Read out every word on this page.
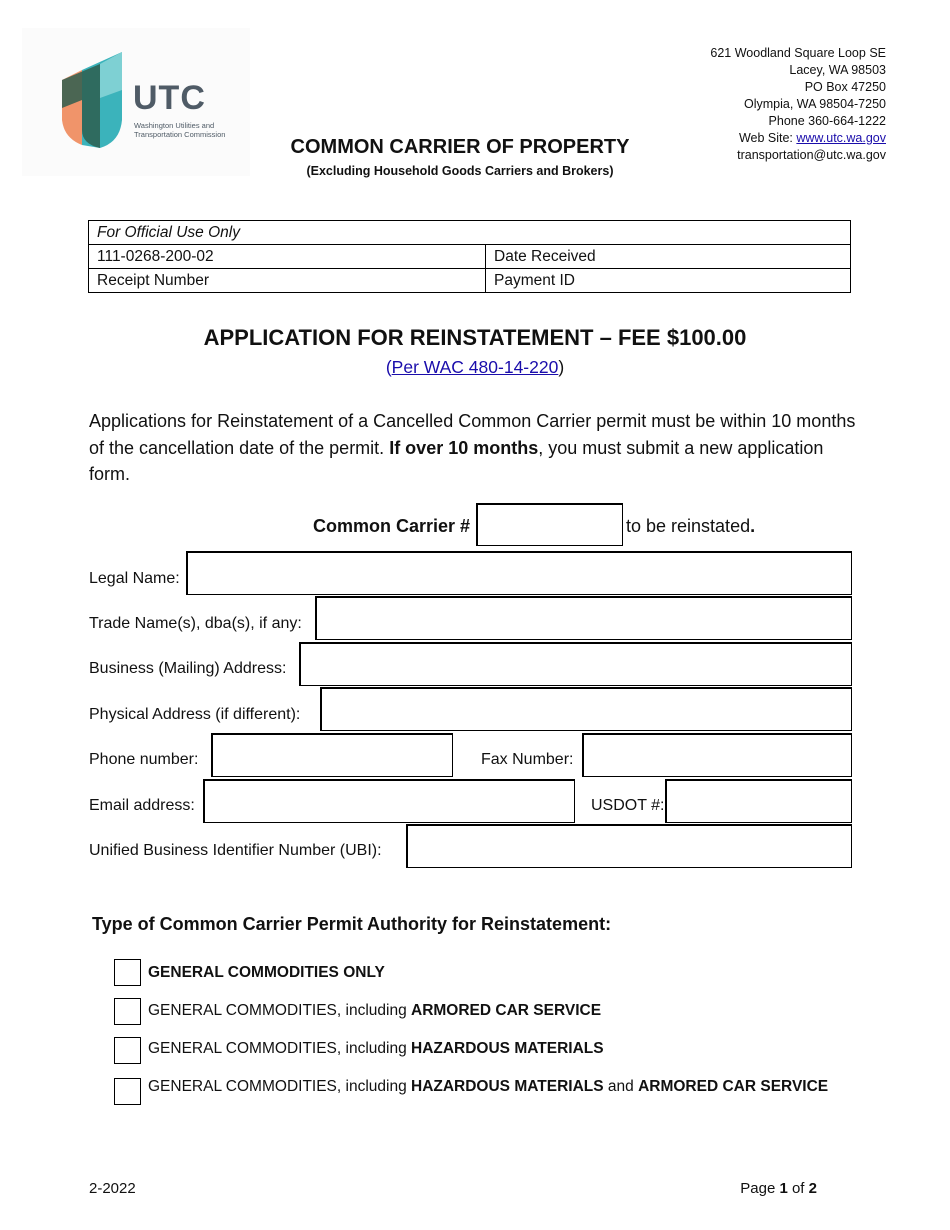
UTC
Washington Utilities and Transportation Commission
621 Woodland Square Loop SE
Lacey, WA 98503
PO Box 47250
Olympia, WA 98504-7250
Phone 360-664-1222
Web Site: www.utc.wa.gov
transportation@utc.wa.gov
COMMON CARRIER OF PROPERTY
(Excluding Household Goods Carriers and Brokers)
For Official Use Only	
111-0268-200-02	Date Received
Receipt Number	Payment ID
APPLICATION FOR REINSTATEMENT – FEE $100.00
(Per WAC 480-14-220)
Applications for Reinstatement of a Cancelled Common Carrier permit must be within 10 months of the cancellation date of the permit. If over 10 months, you must submit a new application form.
Common Carrier #	to be reinstated.
Legal Name:
Trade Name(s), dba(s), if any:
Business (Mailing) Address:
Physical Address (if different):
Phone number:	Fax Number:
Email address:	USDOT #:
Unified Business Identifier Number (UBI):
Type of Common Carrier Permit Authority for Reinstatement:
GENERAL COMMODITIES ONLY
GENERAL COMMODITIES, including ARMORED CAR SERVICE
GENERAL COMMODITIES, including HAZARDOUS MATERIALS
GENERAL COMMODITIES, including HAZARDOUS MATERIALS and ARMORED CAR SERVICE
2-2022	Page 1 of 2
